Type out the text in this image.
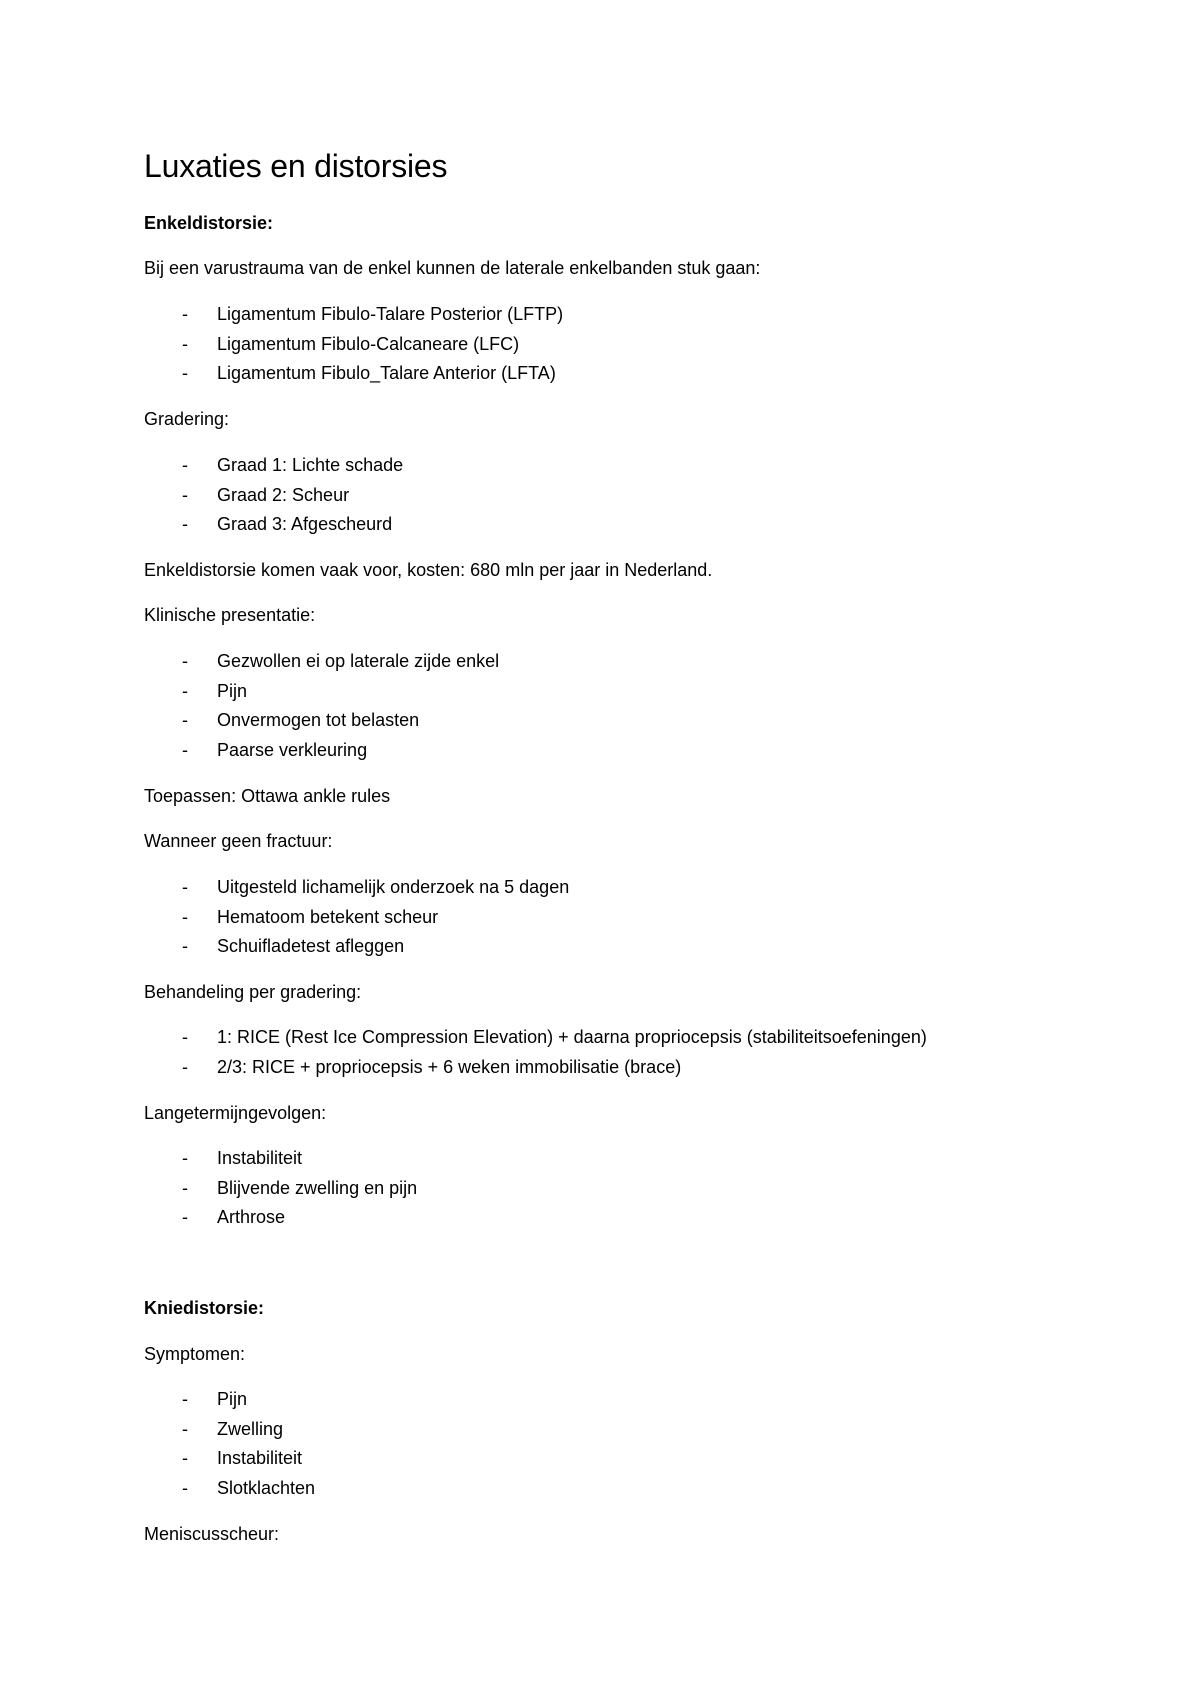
Luxaties en distorsies

Enkeldistorsie:

Bij een varustrauma van de enkel kunnen de laterale enkelbanden stuk gaan:

- Ligamentum Fibulo-Talare Posterior (LFTP)
- Ligamentum Fibulo-Calcaneare (LFC)
- Ligamentum Fibulo_Talare Anterior (LFTA)

Gradering:

- Graad 1: Lichte schade
- Graad 2: Scheur
- Graad 3: Afgescheurd

Enkeldistorsie komen vaak voor, kosten: 680 mln per jaar in Nederland.

Klinische presentatie:

- Gezwollen ei op laterale zijde enkel
- Pijn
- Onvermogen tot belasten
- Paarse verkleuring

Toepassen: Ottawa ankle rules

Wanneer geen fractuur:

- Uitgesteld lichamelijk onderzoek na 5 dagen
- Hematoom betekent scheur
- Schuifladetest afleggen

Behandeling per gradering:

- 1: RICE (Rest Ice Compression Elevation) + daarna propriocepsis (stabiliteitsoefeningen)
- 2/3: RICE + propriocepsis + 6 weken immobilisatie (brace)

Langetermijngevolgen:

- Instabiliteit
- Blijvende zwelling en pijn
- Arthrose

Kniedistorsie:

Symptomen:

- Pijn
- Zwelling
- Instabiliteit
- Slotklachten

Meniscusscheur:
